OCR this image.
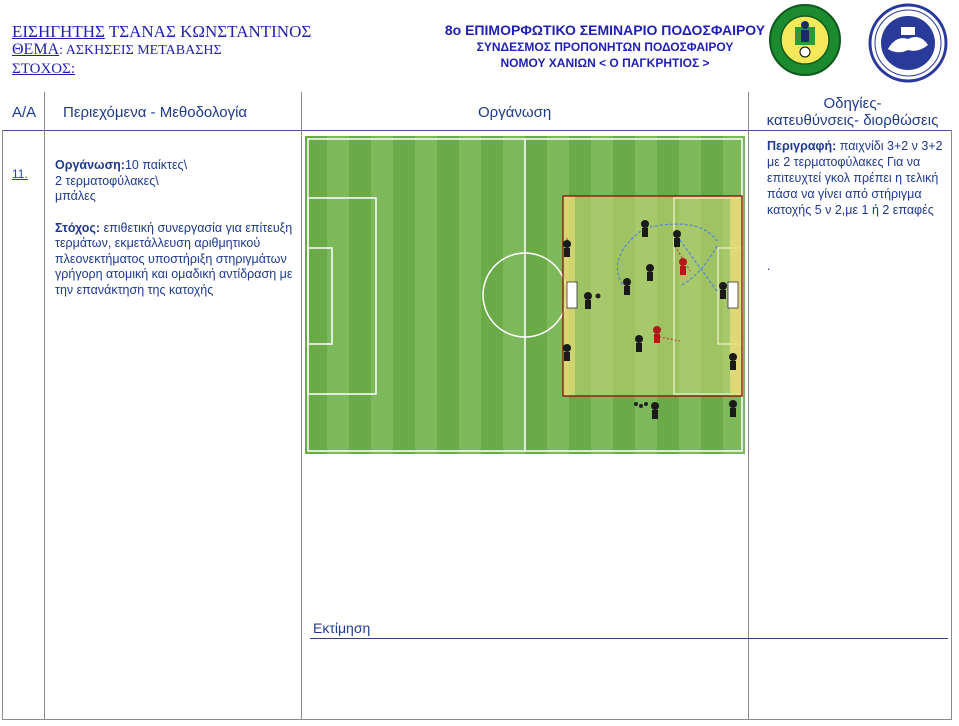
ΕΙΣΗΓΗΤΗΣ ΤΣΑΝΑΣ ΚΩΝΣΤΑΝΤΙΝΟΣ
ΘΕΜΑ: ΑΣΚΗΣΕΙΣ ΜΕΤΑΒΑΣΗΣ
ΣΤΟΧΟΣ:
8ο ΕΠΙΜΟΡΦΩΤΙΚΟ ΣΕΜΙΝΑΡΙΟ ΠΟΔΟΣΦΑΙΡΟΥ
ΣΥΝΔΕΣΜΟΣ ΠΡΟΠΟΝΗΤΩΝ ΠΟΔΟΣΦΑΙΡΟΥ
ΝΟΜΟΥ ΧΑΝΙΩΝ < Ο ΠΑΓΚΡΗΤΙΟΣ >
Α/Α Περιεχόμενα - Μεθοδολογία	Οργάνωση	Οδηγίες-
κατευθύνσεις- διορθώσεις
11.
Οργάνωση:10 παίκτες\
2 τερματοφύλακες\
μπάλες
Στόχος: επιθετική συνεργασία για επίτευξη τερμάτων, εκμετάλλευση αριθμητικού πλεονεκτήματος υποστήριξη στηριγμάτων γρήγορη ατομική και ομαδική αντίδραση με την επανάκτηση της κατοχής
Περιγραφή: παιχνίδι 3+2 ν 3+2 με 2 τερματοφύλακες Για να επιτευχτεί γκολ πρέπει η τελική πάσα να γίνει από στήριγμα κατοχής 5 ν 2,με 1 ή 2 επαφές
.
Εκτίμηση
